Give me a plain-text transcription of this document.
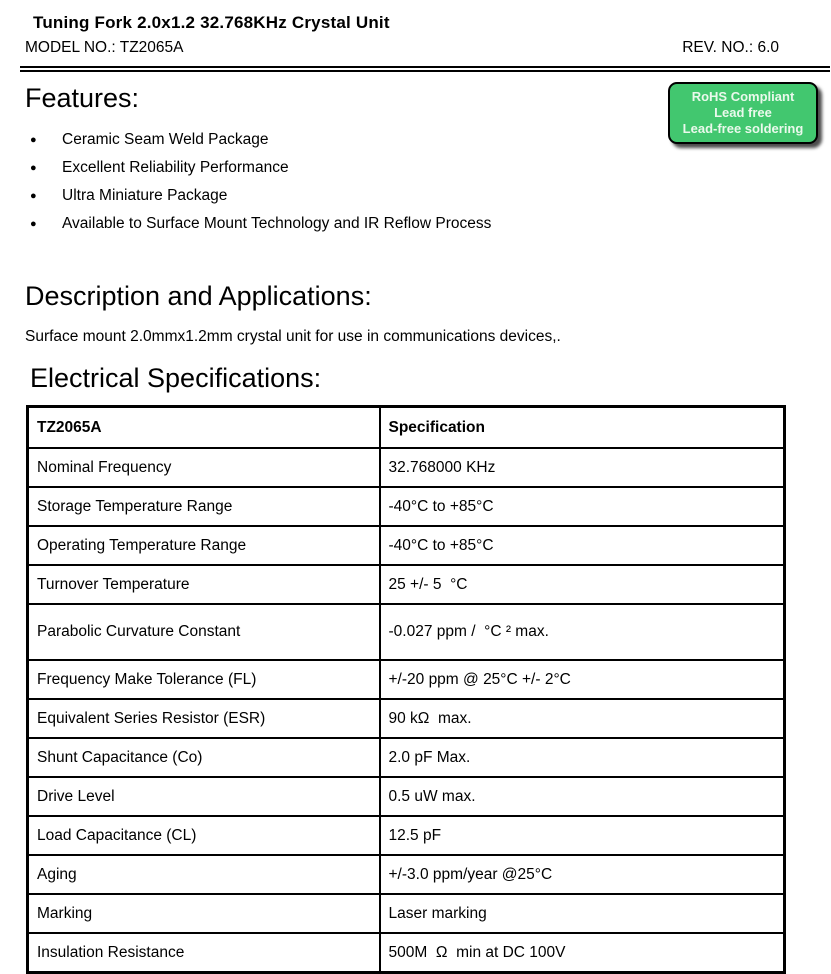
Tuning Fork 2.0x1.2 32.768KHz Crystal Unit
MODEL NO.: TZ2065A	REV. NO.: 6.0
RoHS Compliant
Lead free
Lead-free soldering
Features:
●	Ceramic Seam Weld Package
●	Excellent Reliability Performance
●	Ultra Miniature Package
●	Available to Surface Mount Technology and IR Reflow Process
Description and Applications:
Surface mount 2.0mmx1.2mm crystal unit for use in communications devices,.
Electrical Specifications:
TZ2065A	Specification
Nominal Frequency	32.768000 KHz
Storage Temperature Range	-40°C to +85°C
Operating Temperature Range	-40°C to +85°C
Turnover Temperature	25 +/- 5  °C
Parabolic Curvature Constant	-0.027 ppm /  °C ² max.
Frequency Make Tolerance (FL)	+/-20 ppm @ 25°C +/- 2°C
Equivalent Series Resistor (ESR)	90 kΩ  max.
Shunt Capacitance (Co)	2.0 pF Max.
Drive Level	0.5 uW max.
Load Capacitance (CL)	12.5 pF
Aging	+/-3.0 ppm/year @25°C
Marking	Laser marking
Insulation Resistance	500M  Ω  min at DC 100V
